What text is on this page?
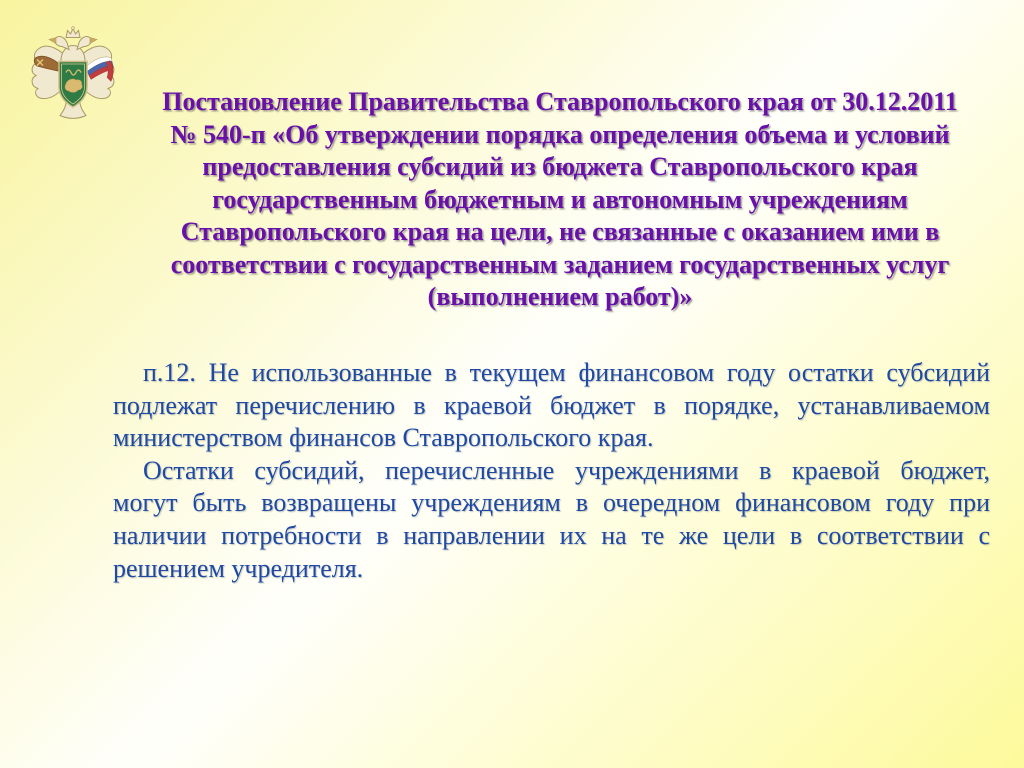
Постановление Правительства Ставропольского края от 30.12.2011
№ 540-п «Об утверждении порядка определения объема и условий
предоставления субсидий из бюджета Ставропольского края
государственным бюджетным и автономным учреждениям
Ставропольского края на цели, не связанные с оказанием ими в
соответствии с государственным заданием государственных услуг
(выполнением работ)»
п.12. Не использованные в текущем финансовом году остатки субсидий
подлежат перечислению в краевой бюджет в порядке, устанавливаемом
министерством финансов Ставропольского края.
Остатки субсидий, перечисленные учреждениями в краевой бюджет,
могут быть возвращены учреждениям в очередном финансовом году при
наличии потребности в направлении их на те же цели в соответствии с
решением учредителя.
